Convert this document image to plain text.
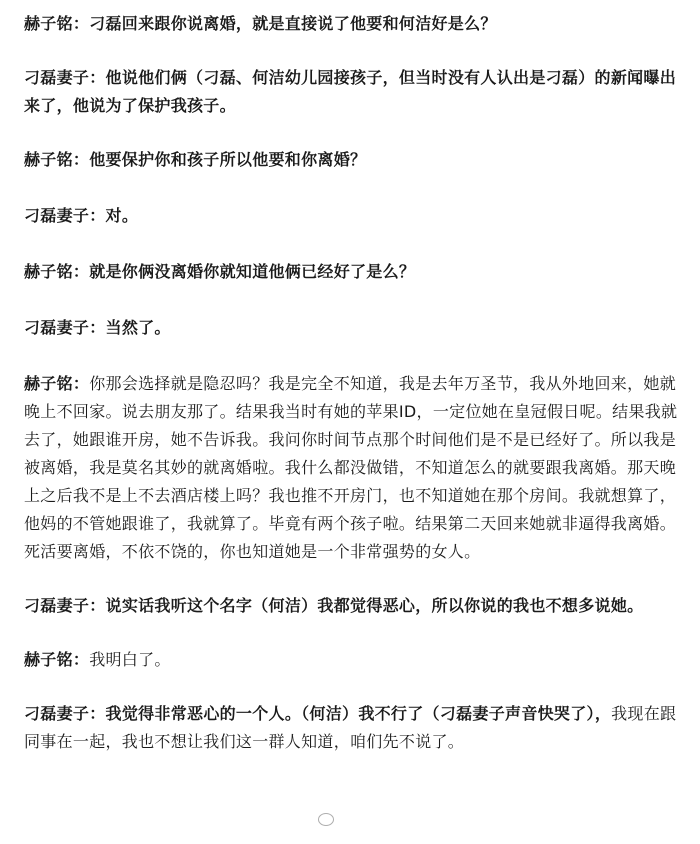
赫子铭：刁磊回来跟你说离婚，就是直接说了他要和何洁好是么？

刁磊妻子：他说他们俩（刁磊、何洁幼儿园接孩子，但当时没有人认出是刁磊）的新闻曝出来了，他说为了保护我孩子。

赫子铭：他要保护你和孩子所以他要和你离婚？

刁磊妻子：对。

赫子铭：就是你俩没离婚你就知道他俩已经好了是么？

刁磊妻子：当然了。

赫子铭：你那会选择就是隐忍吗？我是完全不知道，我是去年万圣节，我从外地回来，她就晚上不回家。说去朋友那了。结果我当时有她的苹果ID，一定位她在皇冠假日呢。结果我就去了，她跟谁开房，她不告诉我。我问你时间节点那个时间他们是不是已经好了。所以我是被离婚，我是莫名其妙的就离婚啦。我什么都没做错，不知道怎么的就要跟我离婚。那天晚上之后我不是上不去酒店楼上吗？我也推不开房门，也不知道她在那个房间。我就想算了，他妈的不管她跟谁了，我就算了。毕竟有两个孩子啦。结果第二天回来她就非逼得我离婚。死活要离婚，不依不饶的，你也知道她是一个非常强势的女人。

刁磊妻子：说实话我听这个名字（何洁）我都觉得恶心，所以你说的我也不想多说她。

赫子铭：我明白了。

刁磊妻子：我觉得非常恶心的一个人。（何洁）我不行了（刁磊妻子声音快哭了），我现在跟同事在一起，我也不想让我们这一群人知道，咱们先不说了。
